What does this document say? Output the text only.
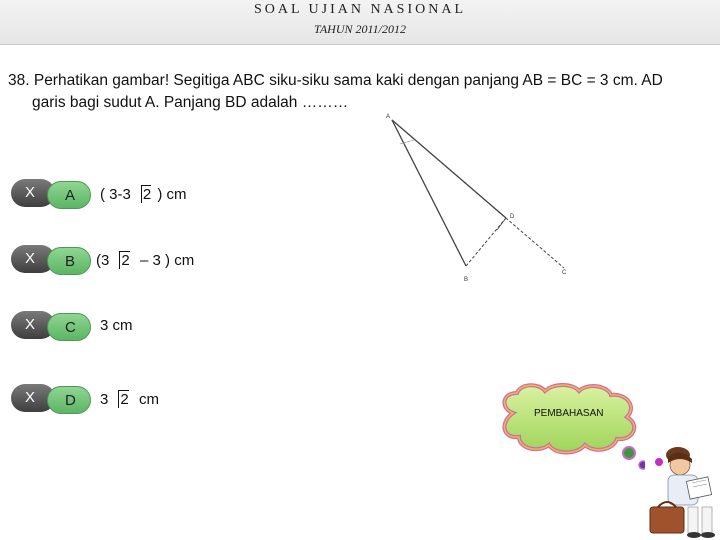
SOAL UJIAN NASIONAL
TAHUN 2011/2012
38. Perhatikan gambar! Segitiga ABC siku-siku sama kaki dengan panjang AB = BC = 3 cm. AD
garis bagi sudut A. Panjang BD adalah ………
X	A	( 3-3 2 ) cm
X	B	(3 2 – 3 ) cm
X	C	3 cm
X	D	3 2 cm
A
B
C
D
PEMBAHASAN
